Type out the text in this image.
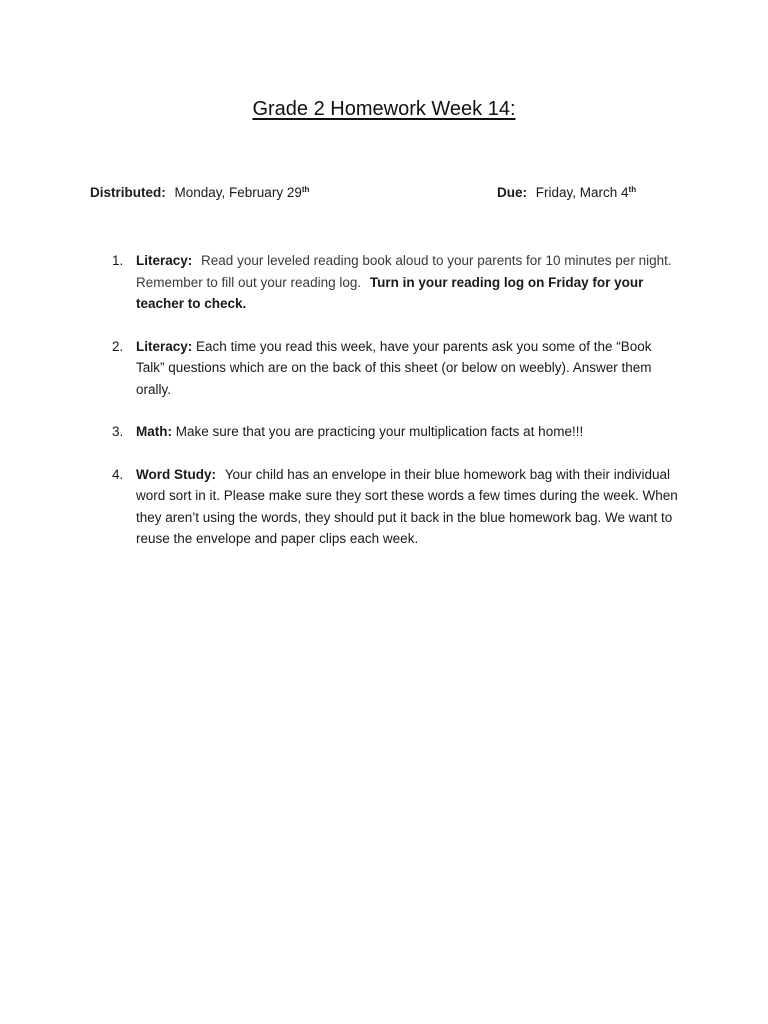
Grade 2 Homework Week 14:
Distributed: Monday, February 29th	Due: Friday, March 4th
1. Literacy: Read your leveled reading book aloud to your parents for 10 minutes per night. Remember to fill out your reading log. Turn in your reading log on Friday for your teacher to check.
2. Literacy: Each time you read this week, have your parents ask you some of the “Book Talk” questions which are on the back of this sheet (or below on weebly). Answer them orally.
3. Math: Make sure that you are practicing your multiplication facts at home!!!
4. Word Study: Your child has an envelope in their blue homework bag with their individual word sort in it. Please make sure they sort these words a few times during the week. When they aren’t using the words, they should put it back in the blue homework bag. We want to reuse the envelope and paper clips each week.
